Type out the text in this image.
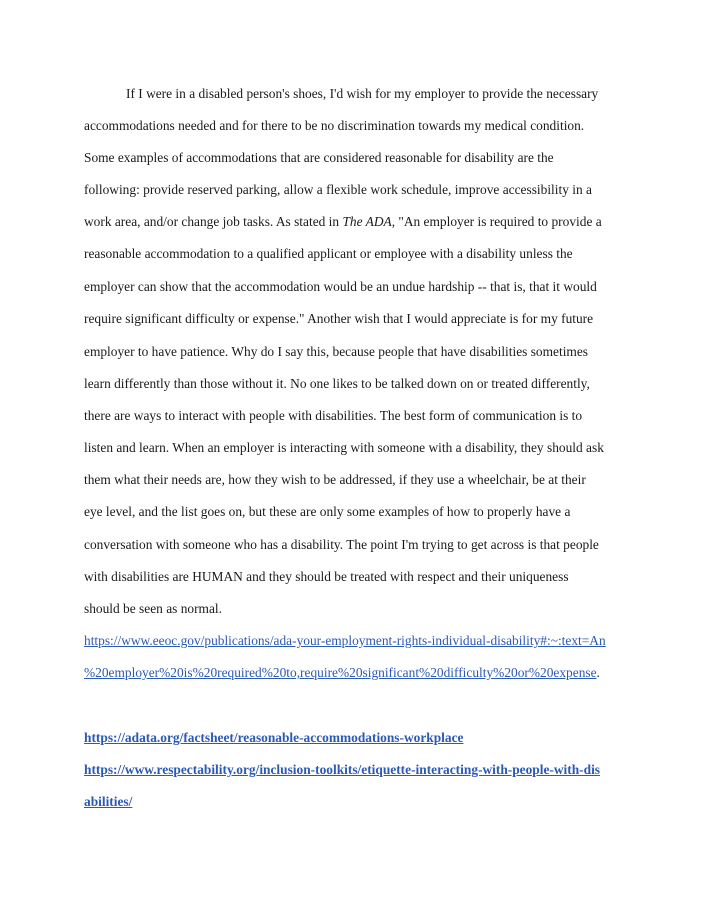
If I were in a disabled person's shoes, I'd wish for my employer to provide the necessary
accommodations needed and for there to be no discrimination towards my medical condition.
Some examples of accommodations that are considered reasonable for disability are the
following: provide reserved parking, allow a flexible work schedule, improve accessibility in a
work area, and/or change job tasks. As stated in The ADA, "An employer is required to provide a
reasonable accommodation to a qualified applicant or employee with a disability unless the
employer can show that the accommodation would be an undue hardship -- that is, that it would
require significant difficulty or expense." Another wish that I would appreciate is for my future
employer to have patience. Why do I say this, because people that have disabilities sometimes
learn differently than those without it. No one likes to be talked down on or treated differently,
there are ways to interact with people with disabilities. The best form of communication is to
listen and learn. When an employer is interacting with someone with a disability, they should ask
them what their needs are, how they wish to be addressed, if they use a wheelchair, be at their
eye level, and the list goes on, but these are only some examples of how to properly have a
conversation with someone who has a disability. The point I'm trying to get across is that people
with disabilities are HUMAN and they should be treated with respect and their uniqueness
should be seen as normal.
https://www.eeoc.gov/publications/ada-your-employment-rights-individual-disability#:~:text=An
%20employer%20is%20required%20to,require%20significant%20difficulty%20or%20expense.
https://adata.org/factsheet/reasonable-accommodations-workplace
https://www.respectability.org/inclusion-toolkits/etiquette-interacting-with-people-with-dis
abilities/
